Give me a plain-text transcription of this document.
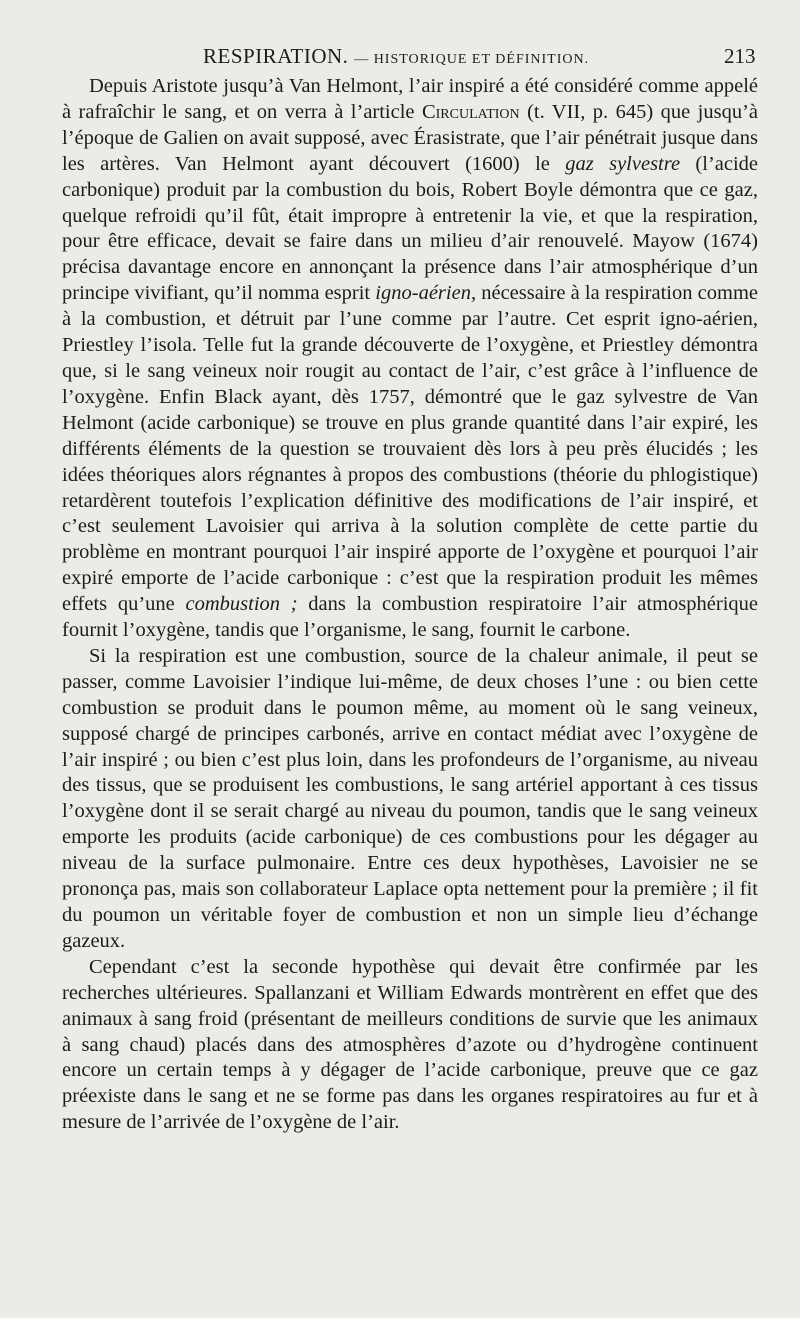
RESPIRATION. — HISTORIQUE ET DÉFINITION.	213

Depuis Aristote jusqu’à Van Helmont, l’air inspiré a été considéré comme appelé à rafraîchir le sang, et on verra à l’article Circulation (t. VII, p. 645) que jusqu’à l’époque de Galien on avait supposé, avec Érasistrate, que l’air pénétrait jusque dans les artères. Van Helmont ayant découvert (1600) le gaz sylvestre (l’acide carbonique) produit par la combustion du bois, Robert Boyle démontra que ce gaz, quelque refroidi qu’il fût, était impropre à entretenir la vie, et que la respiration, pour être efficace, devait se faire dans un milieu d’air renouvelé. Mayow (1674) précisa davantage encore en annonçant la présence dans l’air atmosphérique d’un principe vivifiant, qu’il nomma esprit igno-aérien, nécessaire à la respiration comme à la combustion, et détruit par l’une comme par l’autre. Cet esprit igno-aérien, Priestley l’isola. Telle fut la grande découverte de l’oxygène, et Priestley démontra que, si le sang veineux noir rougit au contact de l’air, c’est grâce à l’influence de l’oxygène. Enfin Black ayant, dès 1757, démontré que le gaz sylvestre de Van Helmont (acide carbonique) se trouve en plus grande quantité dans l’air expiré, les différents éléments de la question se trouvaient dès lors à peu près élucidés ; les idées théoriques alors régnantes à propos des combustions (théorie du phlogistique) retardèrent toutefois l’explication définitive des modifications de l’air inspiré, et c’est seulement Lavoisier qui arriva à la solution complète de cette partie du problème en montrant pourquoi l’air inspiré apporte de l’oxygène et pourquoi l’air expiré emporte de l’acide carbonique : c’est que la respiration produit les mêmes effets qu’une combustion ; dans la combustion respiratoire l’air atmosphérique fournit l’oxygène, tandis que l’organisme, le sang, fournit le carbone.

Si la respiration est une combustion, source de la chaleur animale, il peut se passer, comme Lavoisier l’indique lui-même, de deux choses l’une : ou bien cette combustion se produit dans le poumon même, au moment où le sang veineux, supposé chargé de principes carbonés, arrive en contact médiat avec l’oxygène de l’air inspiré ; ou bien c’est plus loin, dans les profondeurs de l’organisme, au niveau des tissus, que se produisent les combustions, le sang artériel apportant à ces tissus l’oxygène dont il se serait chargé au niveau du poumon, tandis que le sang veineux emporte les produits (acide carbonique) de ces combustions pour les dégager au niveau de la surface pulmonaire. Entre ces deux hypothèses, Lavoisier ne se prononça pas, mais son collaborateur Laplace opta nettement pour la première ; il fit du poumon un véritable foyer de combustion et non un simple lieu d’échange gazeux.

Cependant c’est la seconde hypothèse qui devait être confirmée par les recherches ultérieures. Spallanzani et William Edwards montrèrent en effet que des animaux à sang froid (présentant de meilleurs conditions de survie que les animaux à sang chaud) placés dans des atmosphères d’azote ou d’hydrogène continuent encore un certain temps à y dégager de l’acide carbonique, preuve que ce gaz préexiste dans le sang et ne se forme pas dans les organes respiratoires au fur et à mesure de l’arrivée de l’oxygène de l’air.
